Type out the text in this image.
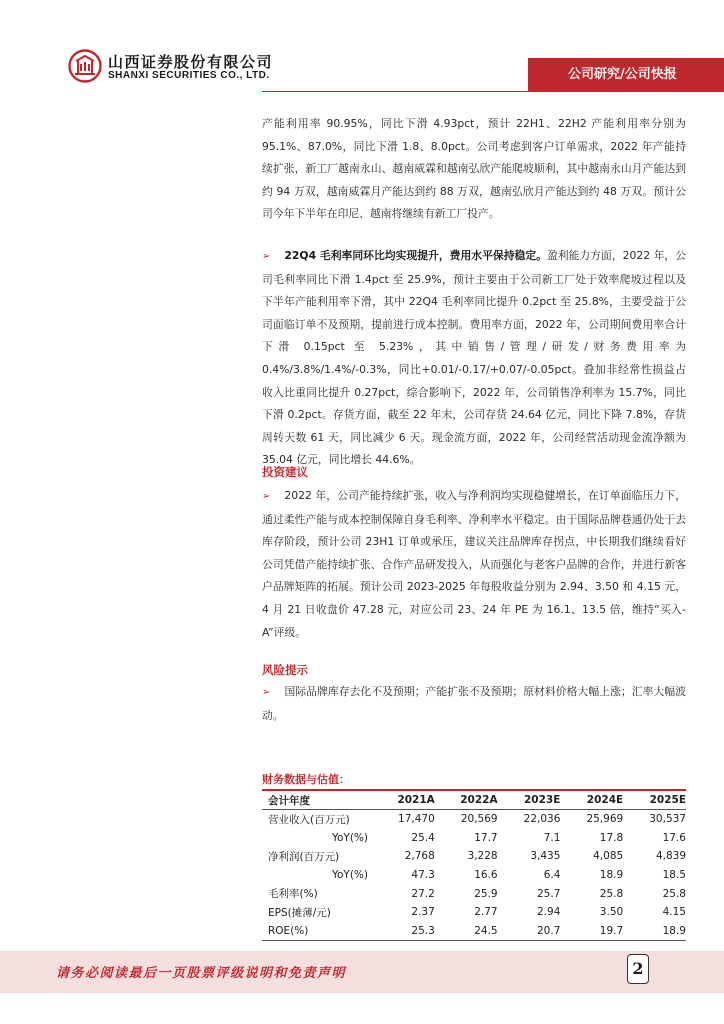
山西证券股份有限公司
SHANXI SECURITIES CO., LTD.	公司研究/公司快报
产能利用率 90.95%，同比下滑 4.93pct，预计 22H1、22H2 产能利用率分别为 95.1%、87.0%，同比下滑 1.8、8.0pct。公司考虑到客户订单需求，2022 年产能持续扩张，新工厂越南永山、越南威霖和越南弘欣产能爬坡顺利，其中越南永山月产能达到约 94 万双，越南威霖月产能达到约 88 万双，越南弘欣月产能达到约 48 万双。预计公司今年下半年在印尼、越南将继续有新工厂投产。
➢ 22Q4 毛利率同环比均实现提升，费用水平保持稳定。盈利能力方面，2022 年，公司毛利率同比下滑 1.4pct 至 25.9%，预计主要由于公司新工厂处于效率爬坡过程以及下半年产能利用率下滑，其中 22Q4 毛利率同比提升 0.2pct 至 25.8%，主要受益于公司面临订单不及预期，提前进行成本控制。费用率方面，2022 年，公司期间费用率合计下滑 0.15pct 至 5.23%，其中销售/管理/研发/财务费用率为 0.4%/3.8%/1.4%/-0.3%，同比+0.01/-0.17/+0.07/-0.05pct。叠加非经常性损益占收入比重同比提升 0.27pct，综合影响下，2022 年，公司销售净利率为 15.7%，同比下滑 0.2pct。存货方面，截至 22 年末，公司存货 24.64 亿元，同比下降 7.8%，存货周转天数 61 天，同比减少 6 天。现金流方面，2022 年，公司经营活动现金流净额为 35.04 亿元，同比增长 44.6%。
投资建议
➢ 2022 年，公司产能持续扩张，收入与净利润均实现稳健增长，在订单面临压力下，通过柔性产能与成本控制保障自身毛利率、净利率水平稳定。由于国际品牌巷通仍处于去库存阶段，预计公司 23H1 订单或承压，建议关注品牌库存拐点，中长期我们继续看好公司凭借产能持续扩张、合作产品研发投入，从而强化与老客户品牌的合作，并进行新客户品牌矩阵的拓展。预计公司 2023-2025 年每股收益分别为 2.94、3.50 和 4.15 元，4 月 21 日收盘价 47.28 元，对应公司 23、24 年 PE 为 16.1、13.5 倍，维持“买入-A”评级。
风险提示
➢ 国际品牌库存去化不及预期；产能扩张不及预期；原材料价格大幅上涨；汇率大幅波动。
财务数据与估值：
会计年度	2021A	2022A	2023E	2024E	2025E
营业收入(百万元)	17,470	20,569	22,036	25,969	30,537
YoY(%)	25.4	17.7	7.1	17.8	17.6
净利润(百万元)	2,768	3,228	3,435	4,085	4,839
YoY(%)	47.3	16.6	6.4	18.9	18.5
毛利率(%)	27.2	25.9	25.7	25.8	25.8
EPS(摊薄/元)	2.37	2.77	2.94	3.50	4.15
ROE(%)	25.3	24.5	20.7	19.7	18.9
请务必阅读最后一页股票评级说明和免责声明	2
